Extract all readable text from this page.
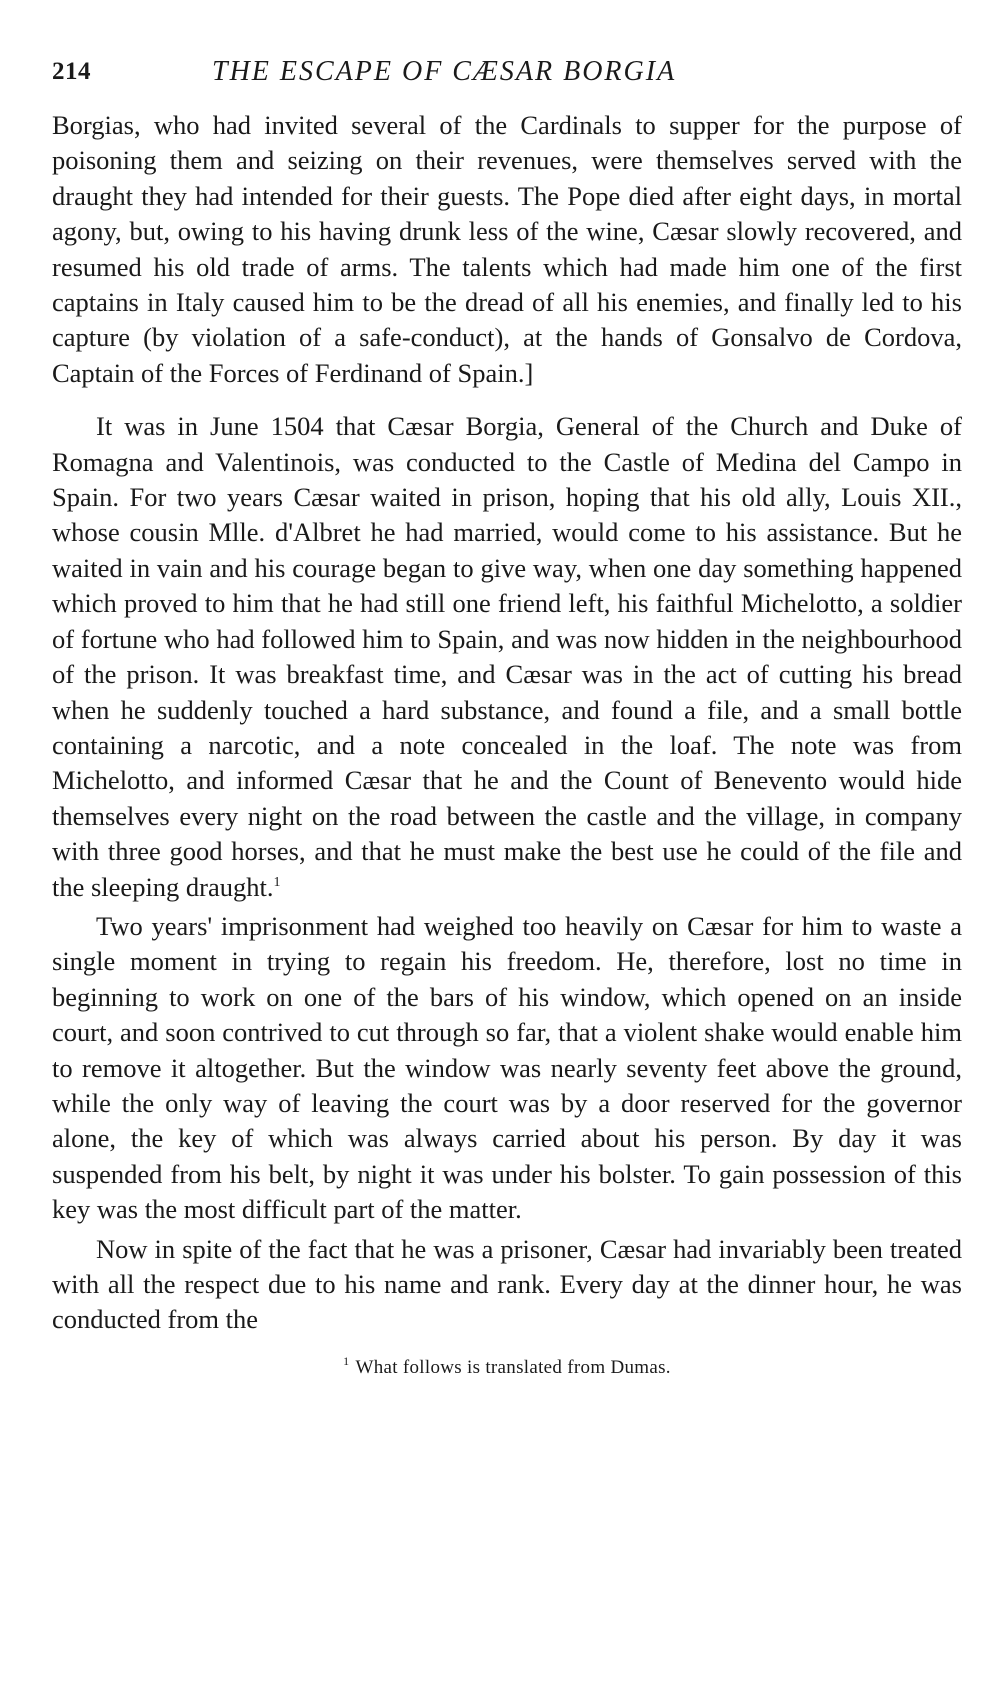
214	THE ESCAPE OF CÆSAR BORGIA

Borgias, who had invited several of the Cardinals to supper for the purpose of poisoning them and seizing on their revenues, were themselves served with the draught they had intended for their guests. The Pope died after eight days, in mortal agony, but, owing to his having drunk less of the wine, Cæsar slowly recovered, and resumed his old trade of arms. The talents which had made him one of the first captains in Italy caused him to be the dread of all his enemies, and finally led to his capture (by violation of a safe-conduct), at the hands of Gonsalvo de Cordova, Captain of the Forces of Ferdinand of Spain.]

It was in June 1504 that Cæsar Borgia, General of the Church and Duke of Romagna and Valentinois, was conducted to the Castle of Medina del Campo in Spain. For two years Cæsar waited in prison, hoping that his old ally, Louis XII., whose cousin Mlle. d'Albret he had married, would come to his assistance. But he waited in vain and his courage began to give way, when one day something happened which proved to him that he had still one friend left, his faithful Michelotto, a soldier of fortune who had followed him to Spain, and was now hidden in the neighbourhood of the prison. It was breakfast time, and Cæsar was in the act of cutting his bread when he suddenly touched a hard substance, and found a file, and a small bottle containing a narcotic, and a note concealed in the loaf. The note was from Michelotto, and informed Cæsar that he and the Count of Benevento would hide themselves every night on the road between the castle and the village, in company with three good horses, and that he must make the best use he could of the file and the sleeping draught.$^1$

Two years' imprisonment had weighed too heavily on Cæsar for him to waste a single moment in trying to regain his freedom. He, therefore, lost no time in beginning to work on one of the bars of his window, which opened on an inside court, and soon contrived to cut through so far, that a violent shake would enable him to remove it altogether. But the window was nearly seventy feet above the ground, while the only way of leaving the court was by a door reserved for the governor alone, the key of which was always carried about his person. By day it was suspended from his belt, by night it was under his bolster. To gain possession of this key was the most difficult part of the matter.

Now in spite of the fact that he was a prisoner, Cæsar had invariably been treated with all the respect due to his name and rank. Every day at the dinner hour, he was conducted from the

$^1$ What follows is translated from Dumas.
